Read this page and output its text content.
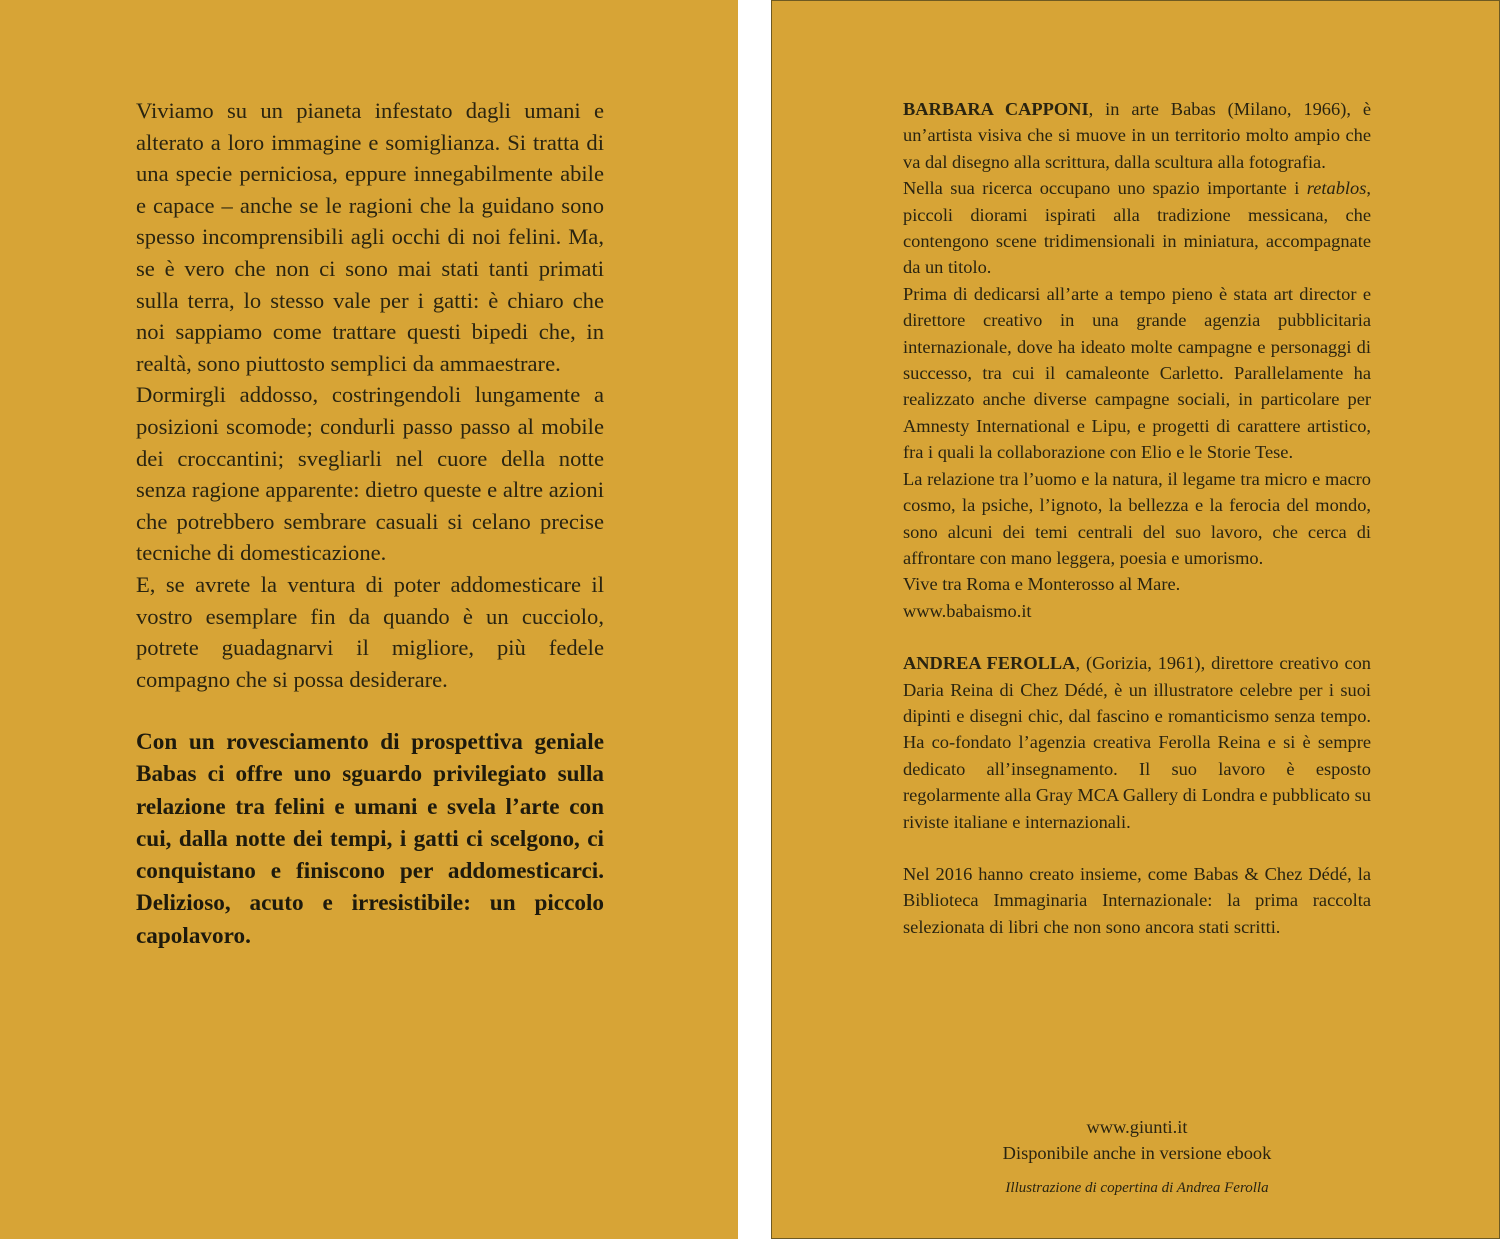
Viviamo su un pianeta infestato dagli umani e alterato a loro immagine e somiglianza. Si tratta di una specie perniciosa, eppure innegabilmente abile e capace – anche se le ragioni che la guidano sono spesso incomprensibili agli occhi di noi felini. Ma, se è vero che non ci sono mai stati tanti primati sulla terra, lo stesso vale per i gatti: è chiaro che noi sappiamo come trattare questi bipedi che, in realtà, sono piuttosto semplici da ammaestrare.

Dormirgli addosso, costringendoli lungamente a posizioni scomode; condurli passo passo al mobile dei croccantini; svegliarli nel cuore della notte senza ragione apparente: dietro queste e altre azioni che potrebbero sembrare casuali si celano precise tecniche di domesticazione.

E, se avrete la ventura di poter addomesticare il vostro esemplare fin da quando è un cucciolo, potrete guadagnarvi il migliore, più fedele compagno che si possa desiderare.

Con un rovesciamento di prospettiva geniale Babas ci offre uno sguardo privilegiato sulla relazione tra felini e umani e svela l’arte con cui, dalla notte dei tempi, i gatti ci scelgono, ci conquistano e finiscono per addomesticarci. Delizioso, acuto e irresistibile: un piccolo capolavoro.

BARBARA CAPPONI, in arte Babas (Milano, 1966), è un’artista visiva che si muove in un territorio molto ampio che va dal disegno alla scrittura, dalla scultura alla fotografia.

Nella sua ricerca occupano uno spazio importante i retablos, piccoli diorami ispirati alla tradizione messicana, che contengono scene tridimensionali in miniatura, accompagnate da un titolo.

Prima di dedicarsi all’arte a tempo pieno è stata art director e direttore creativo in una grande agenzia pubblicitaria internazionale, dove ha ideato molte campagne e personaggi di successo, tra cui il camaleonte Carletto. Parallelamente ha realizzato anche diverse campagne sociali, in particolare per Amnesty International e Lipu, e progetti di carattere artistico, fra i quali la collaborazione con Elio e le Storie Tese.

La relazione tra l’uomo e la natura, il legame tra micro e macro cosmo, la psiche, l’ignoto, la bellezza e la ferocia del mondo, sono alcuni dei temi centrali del suo lavoro, che cerca di affrontare con mano leggera, poesia e umorismo.

Vive tra Roma e Monterosso al Mare.

www.babaismo.it

ANDREA FEROLLA, (Gorizia, 1961), direttore creativo con Daria Reina di Chez Dédé, è un illustratore celebre per i suoi dipinti e disegni chic, dal fascino e romanticismo senza tempo. Ha co-fondato l’agenzia creativa Ferolla Reina e si è sempre dedicato all’insegnamento. Il suo lavoro è esposto regolarmente alla Gray MCA Gallery di Londra e pubblicato su riviste italiane e internazionali.

Nel 2016 hanno creato insieme, come Babas & Chez Dédé, la Biblioteca Immaginaria Internazionale: la prima raccolta selezionata di libri che non sono ancora stati scritti.

www.giunti.it
Disponibile anche in versione ebook
Illustrazione di copertina di Andrea Ferolla
